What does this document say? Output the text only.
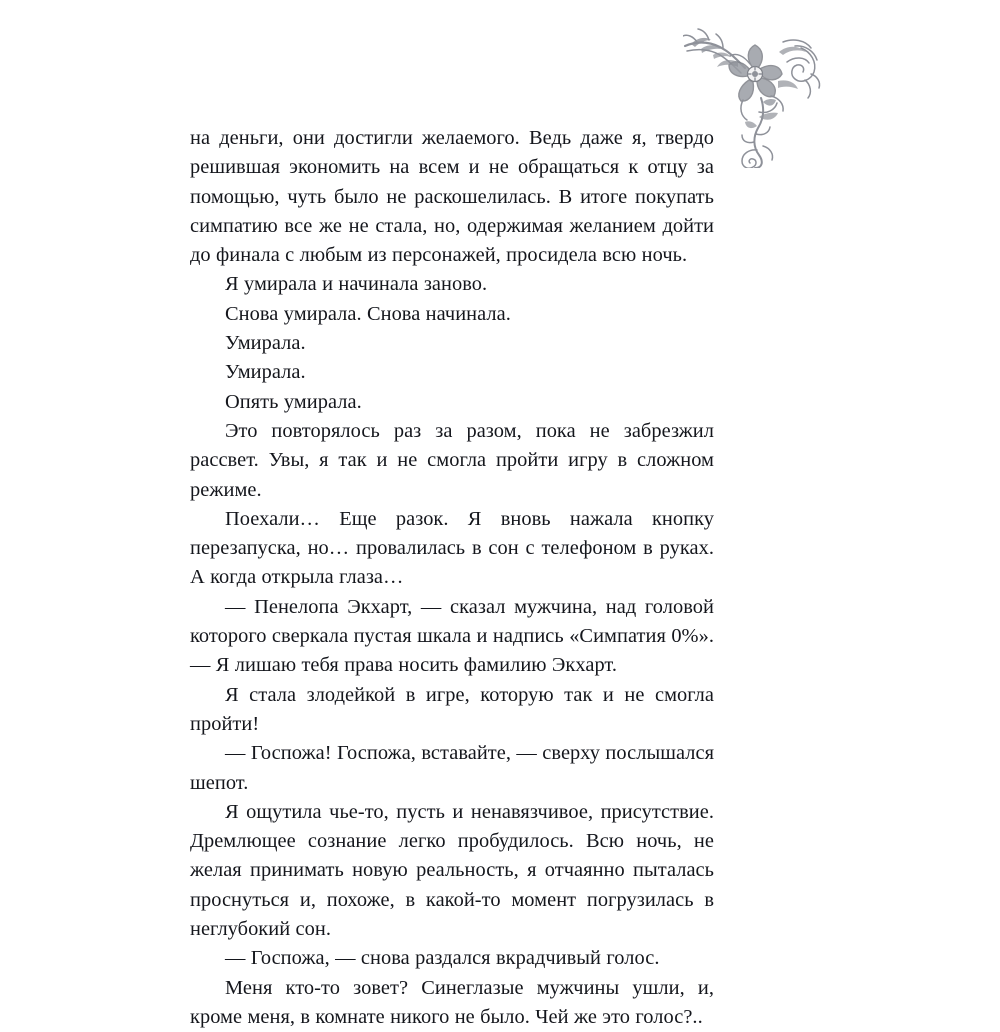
на деньги, они достигли желаемого. Ведь даже я, твердо решившая экономить на всем и не обращаться к отцу за помощью, чуть было не раскошелилась. В итоге покупать симпатию все же не стала, но, одержимая желанием дойти до финала с любым из персонажей, просидела всю ночь.

Я умирала и начинала заново.

Снова умирала. Снова начинала.

Умирала.

Умирала.

Опять умирала.

Это повторялось раз за разом, пока не забрезжил рассвет. Увы, я так и не смогла пройти игру в сложном режиме.

Поехали… Еще разок. Я вновь нажала кнопку перезапуска, но… провалилась в сон с телефоном в руках. А когда открыла глаза…

— Пенелопа Экхарт, — сказал мужчина, над головой которого сверкала пустая шкала и надпись «Симпатия 0%». — Я лишаю тебя права носить фамилию Экхарт.

Я стала злодейкой в игре, которую так и не смогла пройти!

— Госпожа! Госпожа, вставайте, — сверху послышался шепот.

Я ощутила чье-то, пусть и ненавязчивое, присутствие. Дремлющее сознание легко пробудилось. Всю ночь, не желая принимать новую реальность, я отчаянно пыталась проснуться и, похоже, в какой-то момент погрузилась в неглубокий сон.

— Госпожа, — снова раздался вкрадчивый голос.

Меня кто-то зовет? Синеглазые мужчины ушли, и, кроме меня, в комнате никого не было. Чей же это голос?..
